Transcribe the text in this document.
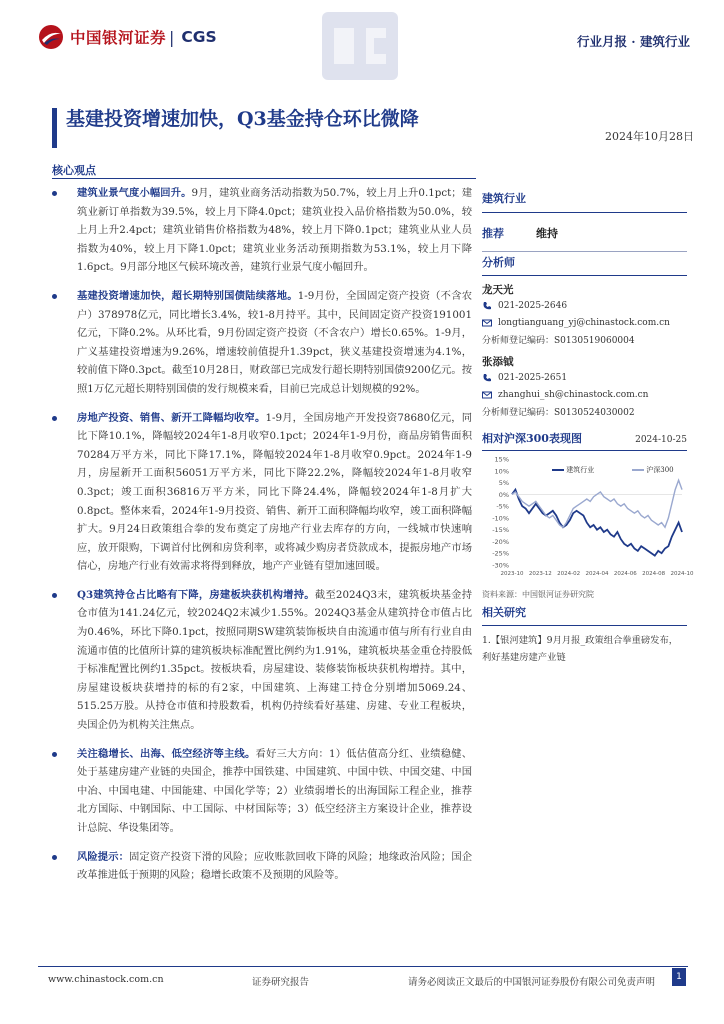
中国银河证券 | CGS	行业月报 · 建筑行业
基建投资增速加快，Q3基金持仓环比微降
2024年10月28日
核心观点
建筑业景气度小幅回升。9月，建筑业商务活动指数为50.7%，较上月上升0.1pct；建筑业新订单指数为39.5%，较上月下降4.0pct；建筑业投入品价格指数为50.0%，较上月上升2.4pct；建筑业销售价格指数为48%，较上月下降0.1pct；建筑业从业人员指数为40%，较上月下降1.0pct；建筑业业务活动预期指数为53.1%，较上月下降1.6pct。9月部分地区气候环境改善，建筑行业景气度小幅回升。
基建投资增速加快，超长期特别国债陆续落地。1-9月份，全国固定资产投资（不含农户）378978亿元，同比增长3.4%，较1-8月持平。其中，民间固定资产投资191001亿元，下降0.2%。从环比看，9月份固定资产投资（不含农户）增长0.65%。1-9月，广义基建投资增速为9.26%，增速较前值提升1.39pct，狭义基建投资增速为4.1%，较前值下降0.3pct。截至10月28日，财政部已完成发行超长期特别国债9200亿元。按照1万亿元超长期特别国债的发行规模来看，目前已完成总计划规模的92%。
房地产投资、销售、新开工降幅均收窄。1-9月，全国房地产开发投资78680亿元，同比下降10.1%，降幅较2024年1-8月收窄0.1pct；2024年1-9月份，商品房销售面积70284万平方米，同比下降17.1%，降幅较2024年1-8月收窄0.9pct。2024年1-9月，房屋新开工面积56051万平方米，同比下降22.2%，降幅较2024年1-8月收窄0.3pct；竣工面积36816万平方米，同比下降24.4%，降幅较2024年1-8月扩大0.8pct。整体来看，2024年1-9月投资、销售、新开工面积降幅均收窄，竣工面积降幅扩大。9月24日政策组合拳的发布奠定了房地产行业去库存的方向，一线城市快速响应，放开限购，下调首付比例和房贷利率，或将减少购房者贷款成本，提振房地产市场信心，房地产行业有效需求将得到释放，地产产业链有望加速回暖。
Q3建筑持仓占比略有下降，房建板块获机构增持。截至2024Q3末，建筑板块基金持仓市值为141.24亿元，较2024Q2末减少1.55%。2024Q3基金从建筑持仓市值占比为0.46%，环比下降0.1pct，按照同期SW建筑装饰板块自由流通市值与所有行业自由流通市值的比值所计算的建筑板块标准配置比例约为1.91%，建筑板块基金重仓持股低于标准配置比例约1.35pct。按板块看，房屋建设、装修装饰板块获机构增持。其中，房屋建设板块获增持的标的有2家，中国建筑、上海建工持仓分别增加5069.24、515.25万股。从持仓市值和持股数看，机构仍持续看好基建、房建、专业工程板块，央国企仍为机构关注焦点。
关注稳增长、出海、低空经济等主线。看好三大方向：1）低估值高分红、业绩稳健、处于基建房建产业链的央国企，推荐中国铁建、中国建筑、中国中铁、中国交建、中国中冶、中国电建、中国能建、中国化学等；2）业绩弱增长的出海国际工程企业，推荐北方国际、中钢国际、中工国际、中材国际等；3）低空经济主方案设计企业，推荐设计总院、华设集团等。
风险提示：固定资产投资下滑的风险；应收账款回收下降的风险；地缘政治风险；国企改革推进低于预期的风险；稳增长政策不及预期的风险等。
建筑行业
推荐	维持
分析师
龙天光
021-2025-2646
longtianguang_yj@chinastock.com.cn
分析师登记编码：S0130519060004
张添钺
021-2025-2651
zhanghui_sh@chinastock.com.cn
分析师登记编码：S0130524030002
相对沪深300表现图	2024-10-25
15%
10%
5%
0%
-5%
-10%
-15%
-20%
-25%
-30%
2023-10 2023-12 2024-02 2024-04 2024-06 2024-08 2024-10
建筑行业	沪深300
资料来源：中国银河证券研究院
相关研究
1.【银河建筑】9月月报_政策组合拳重磅发布，利好基建房建产业链
www.chinastock.com.cn	证券研究报告	请务必阅读正文最后的中国银河证券股份有限公司免责声明	1
